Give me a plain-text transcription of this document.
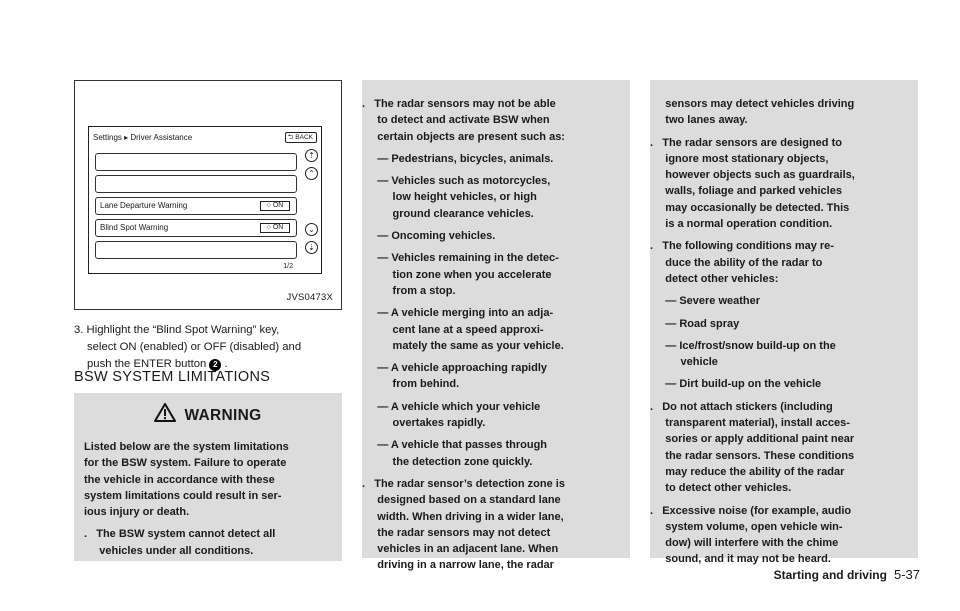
Settings ▸ Driver Assistance	⮌ BACK
Lane Departure Warning	○ ON
Blind Spot Warning	○ ON
1/2
⇡
⌃
⌄
⇣
JVS0473X
3. Highlight the “Blind Spot Warning” key,
select ON (enabled) or OFF (disabled) and
push the ENTER button 2 .
BSW SYSTEM LIMITATIONS
WARNING
Listed below are the system limitations
for the BSW system. Failure to operate
the vehicle in accordance with these
system limitations could result in ser-
ious injury or death.
.   The BSW system cannot detect all
vehicles under all conditions.
.   The radar sensors may not be able
to detect and activate BSW when
certain objects are present such as:
— Pedestrians, bicycles, animals.
— Vehicles such as motorcycles,
low height vehicles, or high
ground clearance vehicles.
— Oncoming vehicles.
— Vehicles remaining in the detec-
tion zone when you accelerate
from a stop.
— A vehicle merging into an adja-
cent lane at a speed approxi-
mately the same as your vehicle.
— A vehicle approaching rapidly
from behind.
— A vehicle which your vehicle
overtakes rapidly.
— A vehicle that passes through
the detection zone quickly.
.   The radar sensor’s detection zone is
designed based on a standard lane
width. When driving in a wider lane,
the radar sensors may not detect
vehicles in an adjacent lane. When
driving in a narrow lane, the radar
sensors may detect vehicles driving
two lanes away.
.   The radar sensors are designed to
ignore most stationary objects,
however objects such as guardrails,
walls, foliage and parked vehicles
may occasionally be detected. This
is a normal operation condition.
.   The following conditions may re-
duce the ability of the radar to
detect other vehicles:
— Severe weather
— Road spray
— Ice/frost/snow build-up on the
vehicle
— Dirt build-up on the vehicle
.   Do not attach stickers (including
transparent material), install acces-
sories or apply additional paint near
the radar sensors. These conditions
may reduce the ability of the radar
to detect other vehicles.
.   Excessive noise (for example, audio
system volume, open vehicle win-
dow) will interfere with the chime
sound, and it may not be heard.
Starting and driving 5-37
